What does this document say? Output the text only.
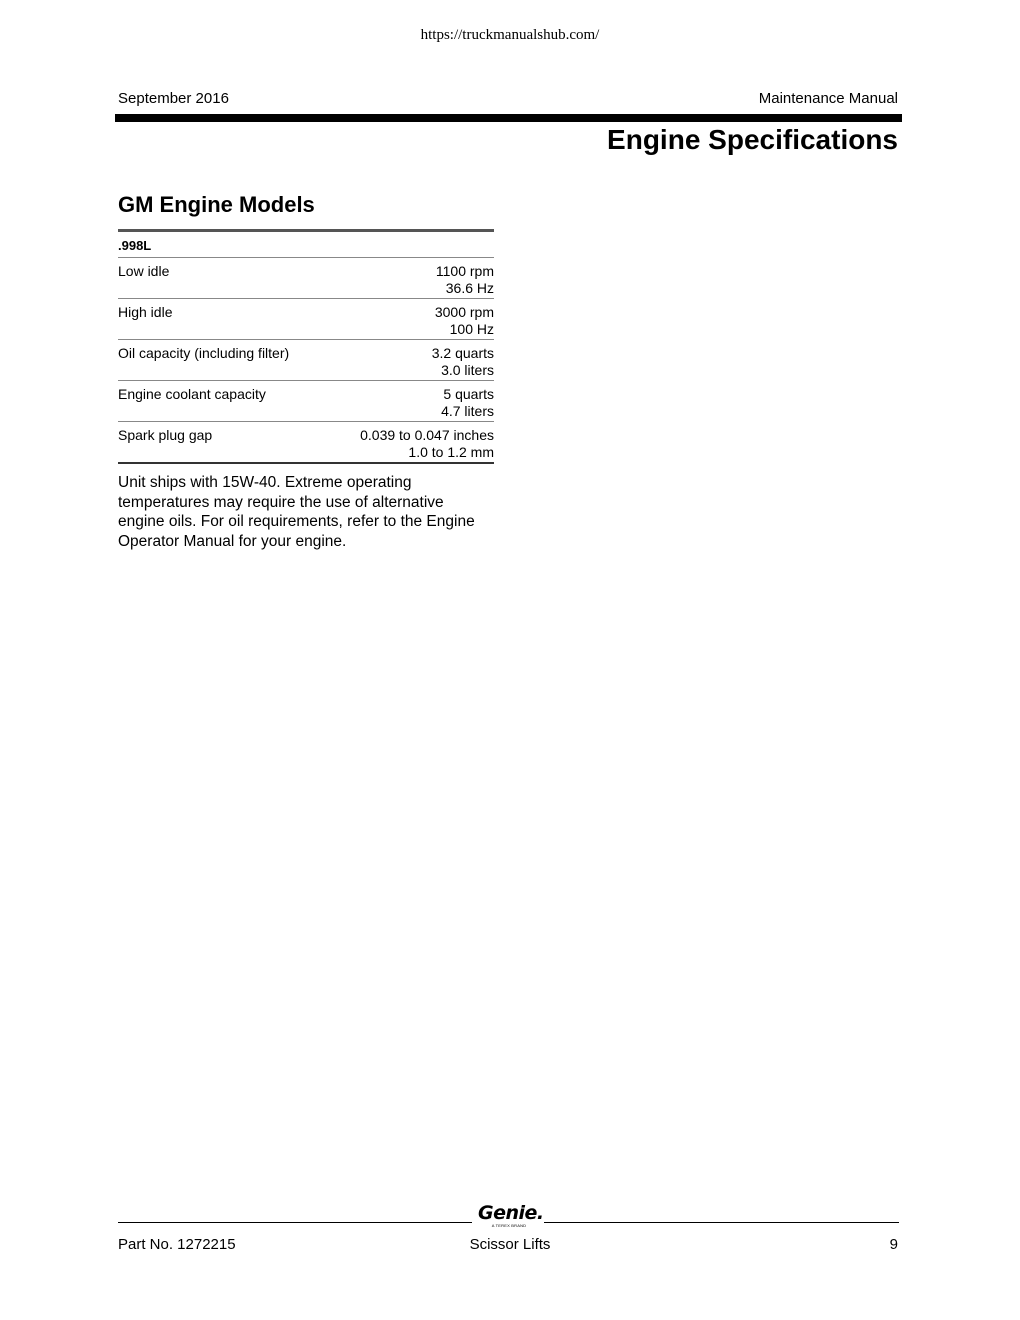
https://truckmanualshub.com/
September 2016	Maintenance Manual
Engine Specifications
GM Engine Models
.998L
Low idle	1100 rpm
36.6 Hz
High idle	3000 rpm
100 Hz
Oil capacity (including filter)	3.2 quarts
3.0 liters
Engine coolant capacity	5 quarts
4.7 liters
Spark plug gap	0.039 to 0.047 inches
1.0 to 1.2 mm

Unit ships with 15W-40. Extreme operating temperatures may require the use of alternative engine oils. For oil requirements, refer to the Engine Operator Manual for your engine.

Genie.
A TEREX BRAND
Part No. 1272215	Scissor Lifts	9
